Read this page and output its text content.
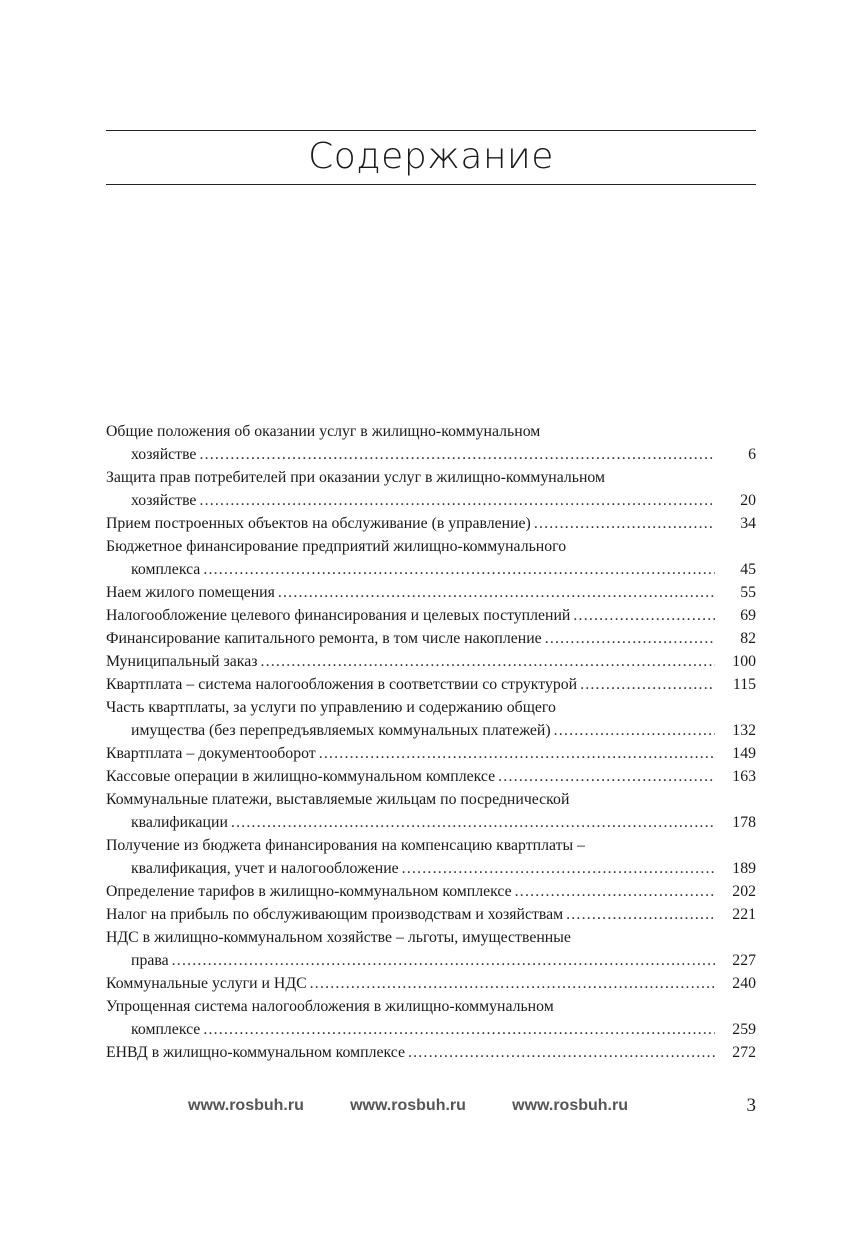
Содержание
Общие положения об оказании услуг в жилищно-коммунальном
хозяйстве .....	6
Защита прав потребителей при оказании услуг в жилищно-коммунальном
хозяйстве .....	20
Прием построенных объектов на обслуживание (в управление) .....	34
Бюджетное финансирование предприятий жилищно-коммунального
комплекса .....	45
Наем жилого помещения .....	55
Налогообложение целевого финансирования и целевых поступлений .....	69
Финансирование капитального ремонта, в том числе накопление .....	82
Муниципальный заказ .....	100
Квартплата – система налогообложения в соответствии со структурой .....	115
Часть квартплаты, за услуги по управлению и содержанию общего
имущества (без перепредъявляемых коммунальных платежей) .....	132
Квартплата – документооборот .....	149
Кассовые операции в жилищно-коммунальном комплексе .....	163
Коммунальные платежи, выставляемые жильцам по посреднической
квалификации .....	178
Получение из бюджета финансирования на компенсацию квартплаты –
квалификация, учет и налогообложение .....	189
Определение тарифов в жилищно-коммунальном комплексе .....	202
Налог на прибыль по обслуживающим производствам и хозяйствам .....	221
НДС в жилищно-коммунальном хозяйстве – льготы, имущественные
права .....	227
Коммунальные услуги и НДС .....	240
Упрощенная система налогообложения в жилищно-коммунальном
комплексе .....	259
ЕНВД в жилищно-коммунальном комплексе .....	272
www.rosbuh.ru	www.rosbuh.ru	www.rosbuh.ru	3
